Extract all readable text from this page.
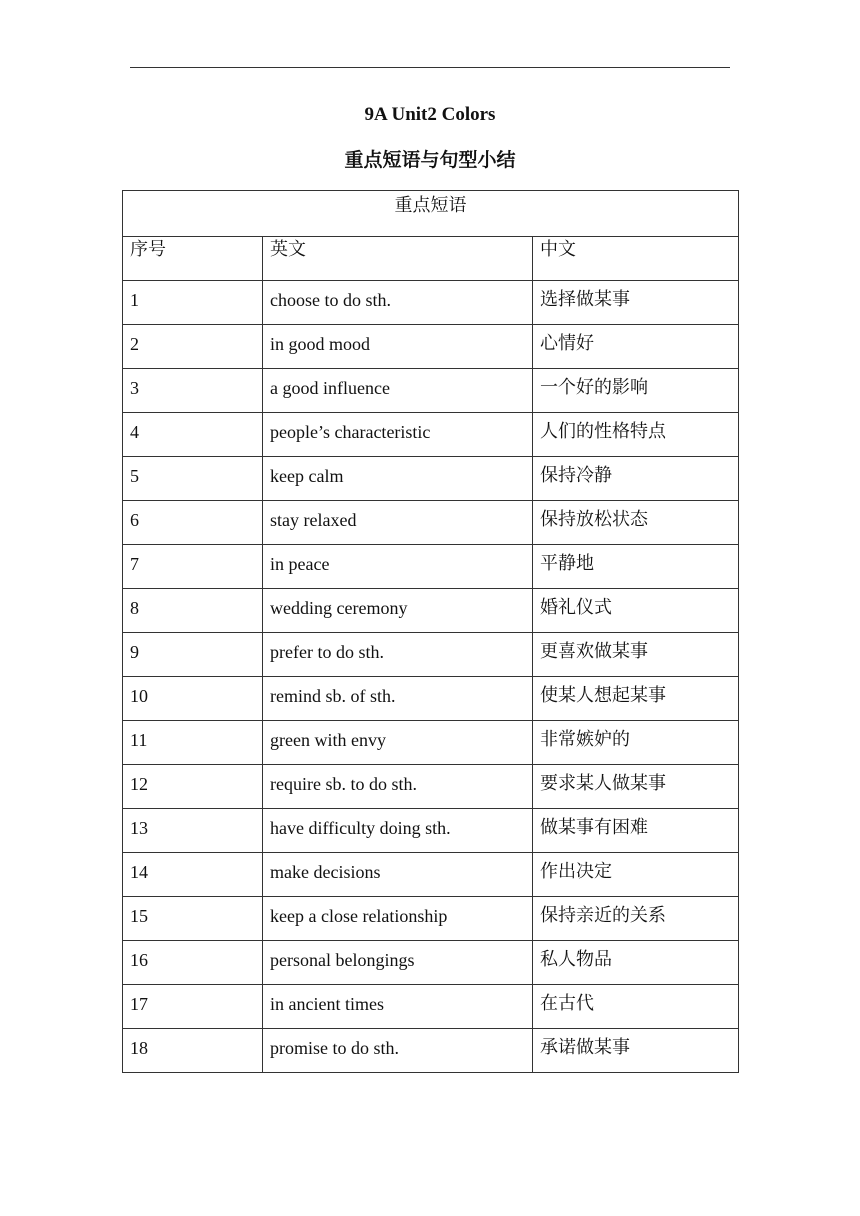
9A Unit2 Colors
重点短语与句型小结
重点短语		
序号	英文	中文
1	choose to do sth.	选择做某事
2	in good mood	心情好
3	a good influence	一个好的影响
4	people’s characteristic	人们的性格特点
5	keep calm	保持冷静
6	stay relaxed	保持放松状态
7	in peace	平静地
8	wedding ceremony	婚礼仪式
9	prefer to do sth.	更喜欢做某事
10	remind sb. of sth.	使某人想起某事
11	green with envy	非常嫉妒的
12	require sb. to do sth.	要求某人做某事
13	have difficulty doing sth.	做某事有困难
14	make decisions	作出决定
15	keep a close relationship	保持亲近的关系
16	personal belongings	私人物品
17	in ancient times	在古代
18	promise to do sth.	承诺做某事
